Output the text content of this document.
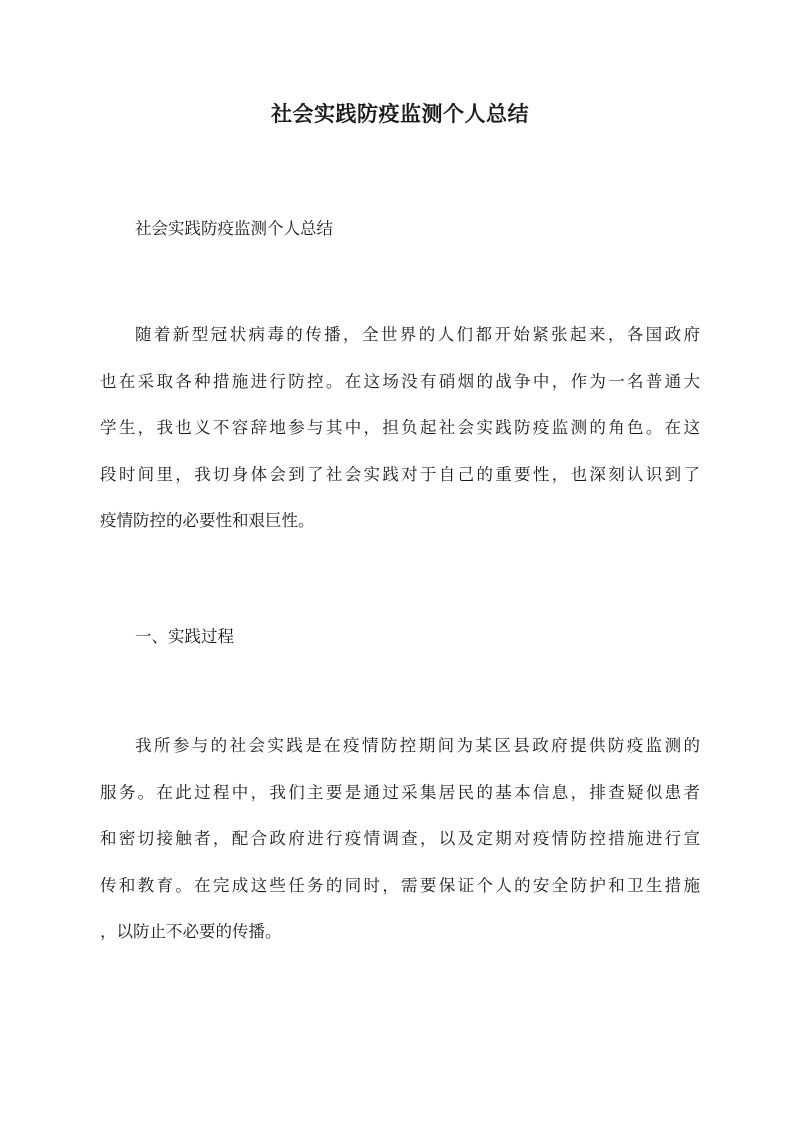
社会实践防疫监测个人总结

社会实践防疫监测个人总结

随着新型冠状病毒的传播，全世界的人们都开始紧张起来，各国政府
也在采取各种措施进行防控。在这场没有硝烟的战争中，作为一名普通大
学生，我也义不容辞地参与其中，担负起社会实践防疫监测的角色。在这
段时间里，我切身体会到了社会实践对于自己的重要性，也深刻认识到了
疫情防控的必要性和艰巨性。

一、实践过程

我所参与的社会实践是在疫情防控期间为某区县政府提供防疫监测的
服务。在此过程中，我们主要是通过采集居民的基本信息，排查疑似患者
和密切接触者，配合政府进行疫情调查，以及定期对疫情防控措施进行宣
传和教育。在完成这些任务的同时，需要保证个人的安全防护和卫生措施
，以防止不必要的传播。
